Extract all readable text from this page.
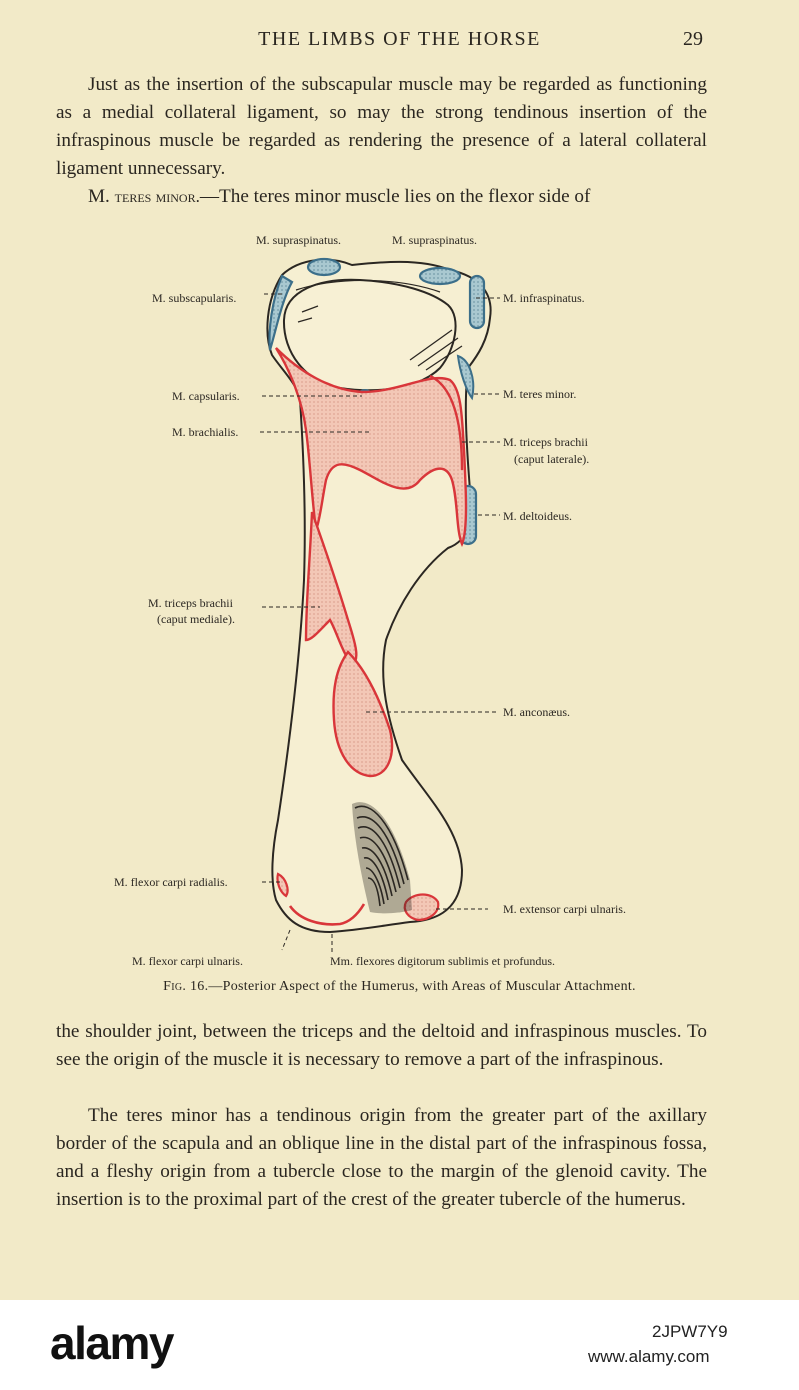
THE LIMBS OF THE HORSE	29

Just as the insertion of the subscapular muscle may be regarded as functioning as a medial collateral ligament, so may the strong tendinous insertion of the infraspinous muscle be regarded as rendering the presence of a lateral collateral ligament unnecessary.

M. teres minor.—The teres minor muscle lies on the flexor side of

M. supraspinatus.	M. supraspinatus.
M. subscapularis.	M. infraspinatus.
M. capsularis.	M. teres minor.
M. brachialis.
M. triceps brachii
(caput laterale).
M. deltoideus.
M. triceps brachii
(caput mediale).
M. anconæus.
M. flexor carpi radialis.
M. extensor carpi ulnaris.
M. flexor carpi ulnaris.	Mm. flexores digitorum sublimis et profundus.
Fig. 16.—Posterior Aspect of the Humerus, with Areas of Muscular Attachment.

the shoulder joint, between the triceps and the deltoid and infraspinous muscles. To see the origin of the muscle it is necessary to remove a part of the infraspinous.

The teres minor has a tendinous origin from the greater part of the axillary border of the scapula and an oblique line in the distal part of the infraspinous fossa, and a fleshy origin from a tubercle close to the margin of the glenoid cavity. The insertion is to the proximal part of the crest of the greater tubercle of the humerus.

alamy	2JPW7Y9
www.alamy.com
